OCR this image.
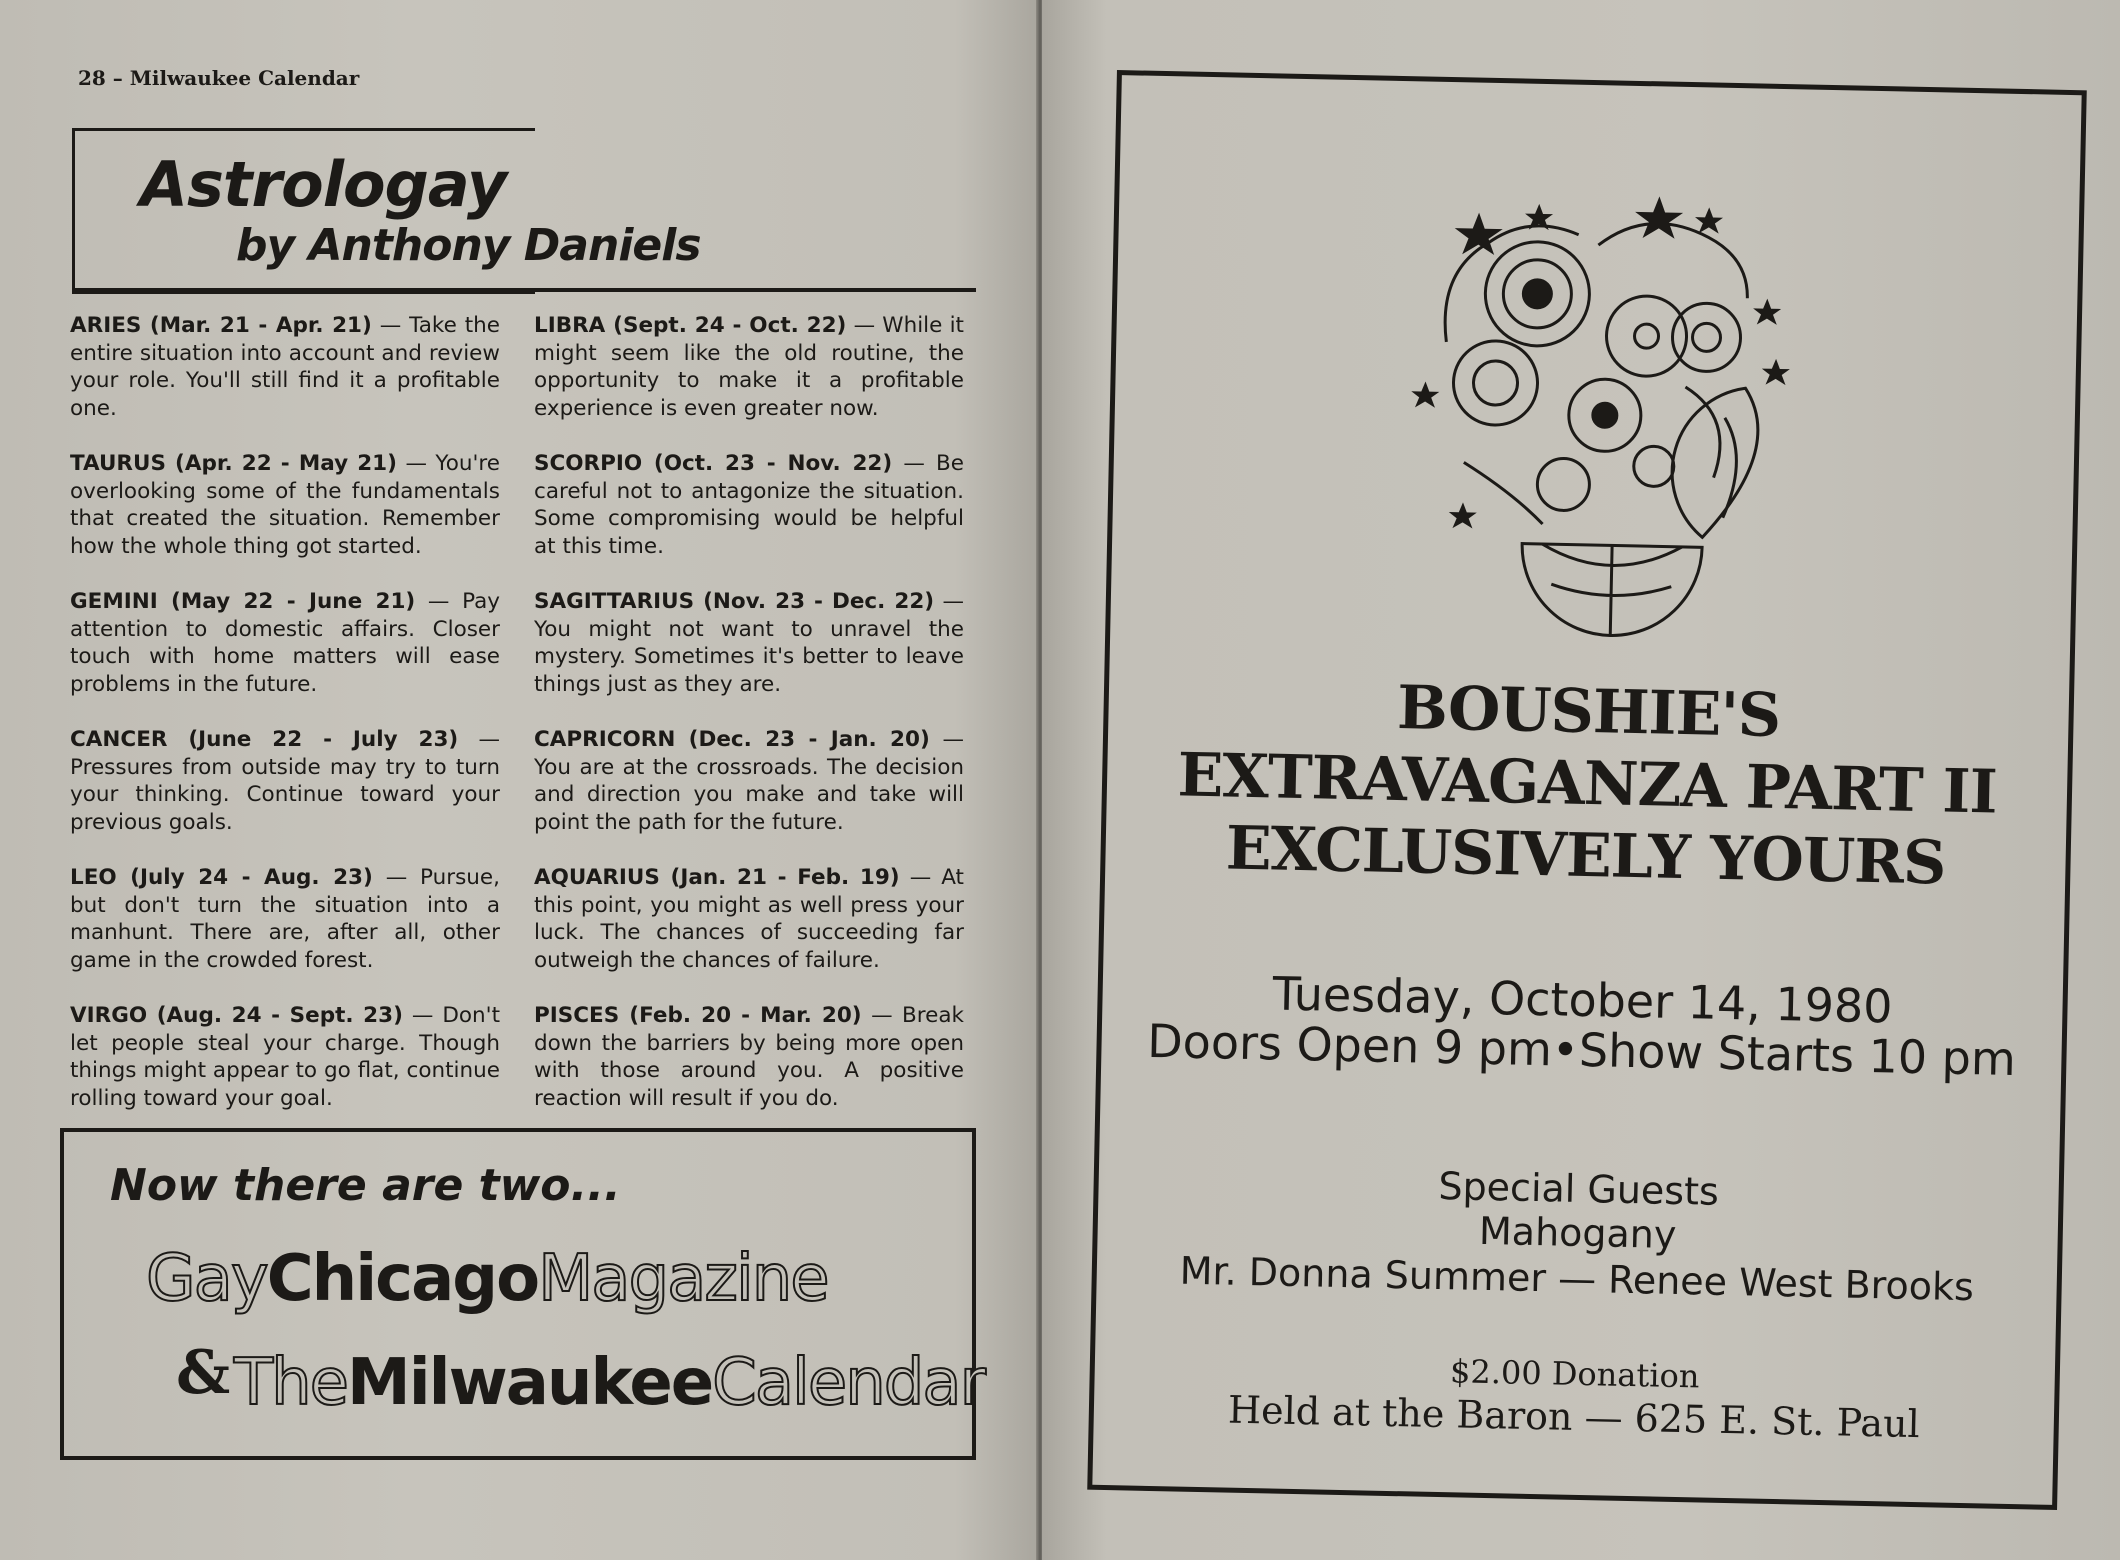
28 – Milwaukee Calendar
Astrologay
by Anthony Daniels

ARIES (Mar. 21 - Apr. 21) — Take the entire situation into account and review your role. You'll still find it a profitable one.

TAURUS (Apr. 22 - May 21) — You're overlooking some of the fundamentals that created the situation. Remember how the whole thing got started.

GEMINI (May 22 - June 21) — Pay attention to domestic affairs. Closer touch with home matters will ease problems in the future.

CANCER (June 22 - July 23) — Pressures from outside may try to turn your thinking. Continue toward your previous goals.

LEO (July 24 - Aug. 23) — Pursue, but don't turn the situation into a manhunt. There are, after all, other game in the crowded forest.

VIRGO (Aug. 24 - Sept. 23) — Don't let people steal your charge. Though things might appear to go flat, continue rolling toward your goal.

LIBRA (Sept. 24 - Oct. 22) — While it might seem like the old routine, the opportunity to make it a profitable experience is even greater now.

SCORPIO (Oct. 23 - Nov. 22) — Be careful not to antagonize the situation. Some compromising would be helpful at this time.

SAGITTARIUS (Nov. 23 - Dec. 22) — You might not want to unravel the mystery. Sometimes it's better to leave things just as they are.

CAPRICORN (Dec. 23 - Jan. 20) — You are at the crossroads. The decision and direction you make and take will point the path for the future.

AQUARIUS (Jan. 21 - Feb. 19) — At this point, you might as well press your luck. The chances of succeeding far outweigh the chances of failure.

PISCES (Feb. 20 - Mar. 20) — Break down the barriers by being more open with those around you. A positive reaction will result if you do.

Now there are two...
GayChicagoMagazine
& TheMilwaukeeCalendar
BOUSHIE'S
EXTRAVAGANZA PART II
EXCLUSIVELY YOURS
Tuesday, October 14, 1980
Doors Open 9 pm•Show Starts 10 pm
Special Guests
Mahogany
Mr. Donna Summer — Renee West Brooks
$2.00 Donation
Held at the Baron — 625 E. St. Paul
